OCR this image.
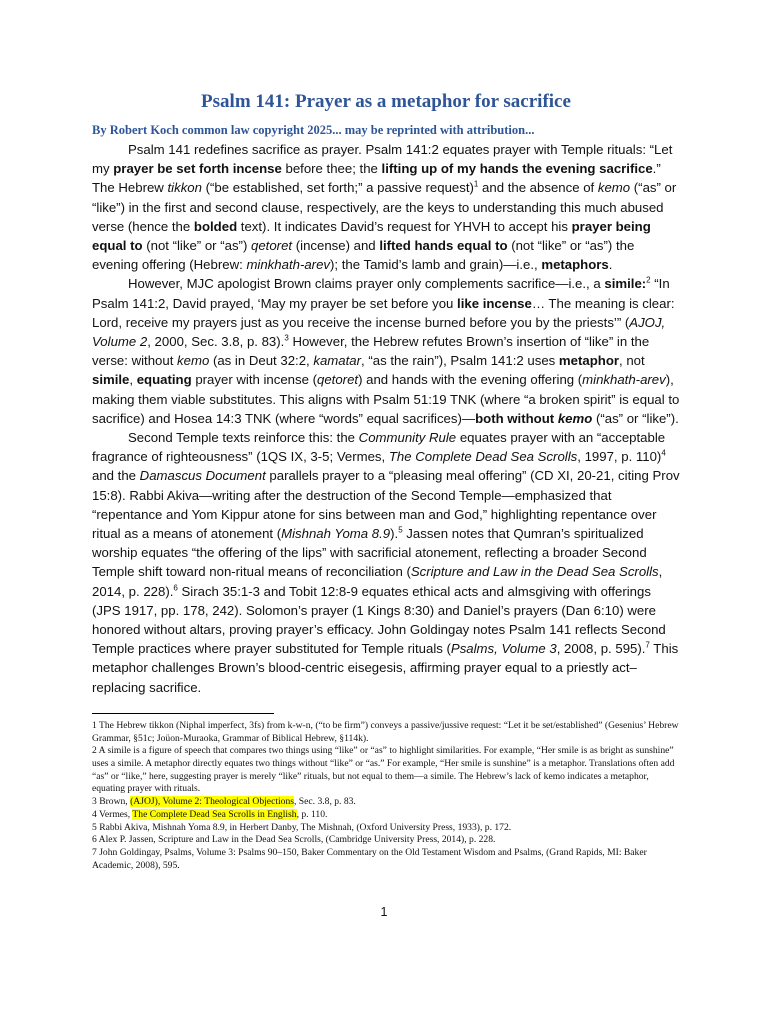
Psalm 141: Prayer as a metaphor for sacrifice

By Robert Koch common law copyright 2025... may be reprinted with attribution...

Psalm 141 redefines sacrifice as prayer. Psalm 141:2 equates prayer with Temple rituals: “Let my prayer be set forth incense before thee; the lifting up of my hands the evening sacrifice.” The Hebrew tikkon (“be established, set forth;” a passive request)$^1$ and the absence of kemo (“as” or “like”) in the first and second clause, respectively, are the keys to understanding this much abused verse (hence the bolded text). It indicates David’s request for YHVH to accept his prayer being equal to (not “like” or “as”) qetoret (incense) and lifted hands equal to (not “like” or “as”) the evening offering (Hebrew: minkhath-arev); the Tamid’s lamb and grain)—i.e., metaphors.

However, MJC apologist Brown claims prayer only complements sacrifice—i.e., a simile:$^2$ “In Psalm 141:2, David prayed, ‘May my prayer be set before you like incense… The meaning is clear: Lord, receive my prayers just as you receive the incense burned before you by the priests’” (AJOJ, Volume 2, 2000, Sec. 3.8, p. 83).$^3$ However, the Hebrew refutes Brown’s insertion of “like” in the verse: without kemo (as in Deut 32:2, kamatar, “as the rain”), Psalm 141:2 uses metaphor, not simile, equating prayer with incense (qetoret) and hands with the evening offering (minkhath-arev), making them viable substitutes. This aligns with Psalm 51:19 TNK (where “a broken spirit” is equal to sacrifice) and Hosea 14:3 TNK (where “words” equal sacrifices)—both without kemo (“as” or “like”).

Second Temple texts reinforce this: the Community Rule equates prayer with an “acceptable fragrance of righteousness” (1QS IX, 3-5; Vermes, The Complete Dead Sea Scrolls, 1997, p. 110)$^4$ and the Damascus Document parallels prayer to a “pleasing meal offering” (CD XI, 20-21, citing Prov 15:8). Rabbi Akiva—writing after the destruction of the Second Temple—emphasized that “repentance and Yom Kippur atone for sins between man and God,” highlighting repentance over ritual as a means of atonement (Mishnah Yoma 8.9).$^5$ Jassen notes that Qumran’s spiritualized worship equates “the offering of the lips” with sacrificial atonement, reflecting a broader Second Temple shift toward non-ritual means of reconciliation (Scripture and Law in the Dead Sea Scrolls, 2014, p. 228).$^6$ Sirach 35:1-3 and Tobit 12:8-9 equates ethical acts and almsgiving with offerings (JPS 1917, pp. 178, 242). Solomon’s prayer (1 Kings 8:30) and Daniel’s prayers (Dan 6:10) were honored without altars, proving prayer’s efficacy. John Goldingay notes Psalm 141 reflects Second Temple practices where prayer substituted for Temple rituals (Psalms, Volume 3, 2008, p. 595).$^7$ This metaphor challenges Brown’s blood-centric eisegesis, affirming prayer equal to a priestly act–replacing sacrifice.

1 The Hebrew tikkon (Niphal imperfect, 3fs) from k-w-n, (“to be firm”) conveys a passive/jussive request: “Let it be set/established” (Gesenius’ Hebrew Grammar, §51c; Joüon-Muraoka, Grammar of Biblical Hebrew, §114k).

2 A simile is a figure of speech that compares two things using “like” or “as” to highlight similarities. For example, “Her smile is as bright as sunshine” uses a simile. A metaphor directly equates two things without “like” or “as.” For example, “Her smile is sunshine” is a metaphor. Translations often add “as” or “like,” here, suggesting prayer is merely “like” rituals, but not equal to them—a simile. The Hebrew’s lack of kemo indicates a metaphor, equating prayer with rituals.

3 Brown, (AJOJ), Volume 2: Theological Objections, Sec. 3.8, p. 83.

4 Vermes, The Complete Dead Sea Scrolls in English, p. 110.

5 Rabbi Akiva, Mishnah Yoma 8.9, in Herbert Danby, The Mishnah, (Oxford University Press, 1933), p. 172.

6 Alex P. Jassen, Scripture and Law in the Dead Sea Scrolls, (Cambridge University Press, 2014), p. 228.

7 John Goldingay, Psalms, Volume 3: Psalms 90–150, Baker Commentary on the Old Testament Wisdom and Psalms, (Grand Rapids, MI: Baker Academic, 2008), 595.

1
